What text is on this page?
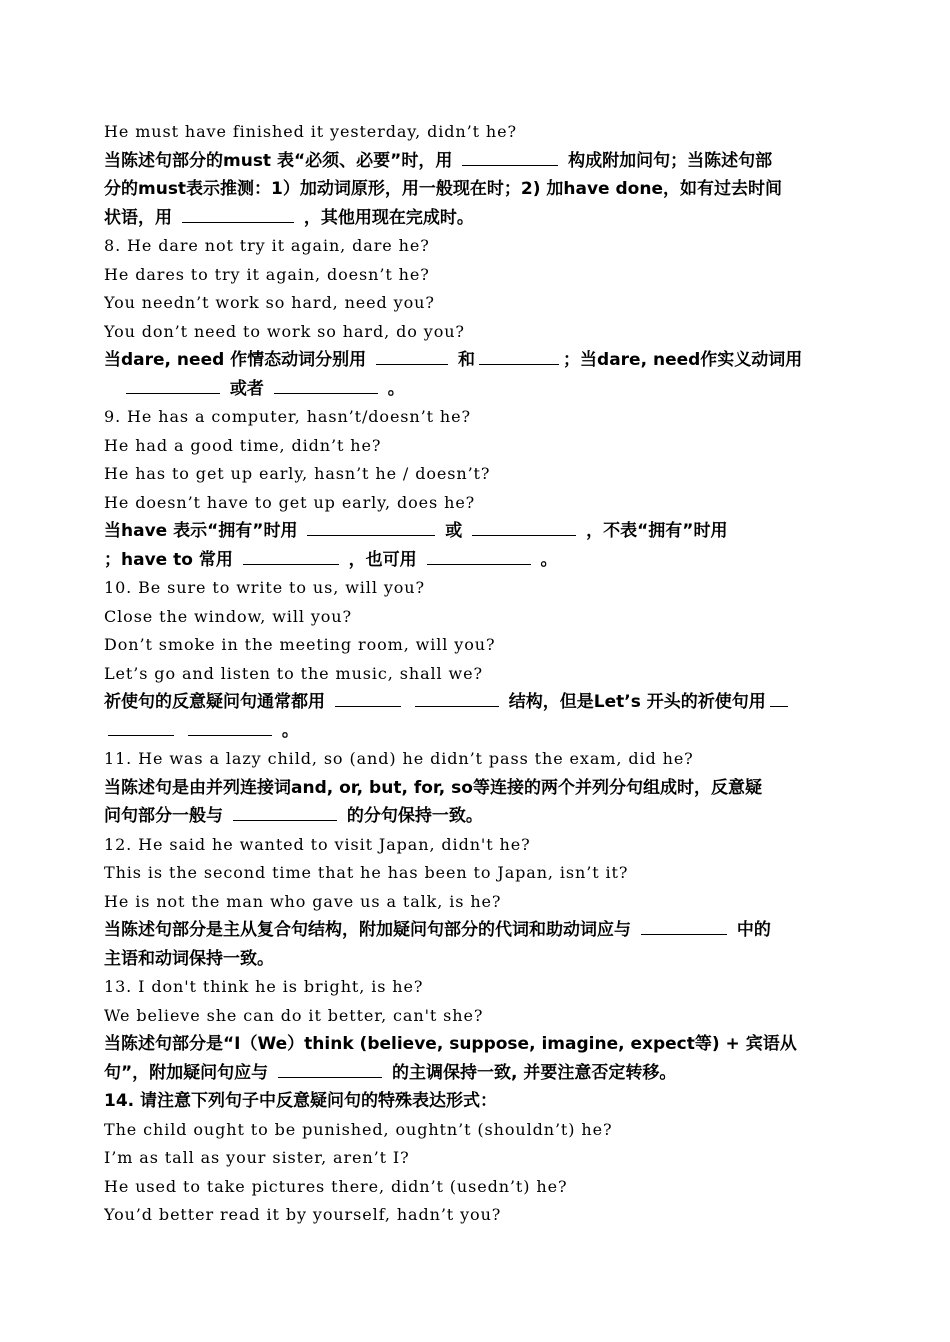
He must have finished it yesterday, didn’t he?
当陈述句部分的must 表“必须、必要”时，用	构成附加问句；当陈述句部
分的must表示推测：1）加动词原形，用一般现在时；2) 加have done，如有过去时间
状语，用	，其他用现在完成时。
8. He dare not try it again, dare he?
He dares to try it again, doesn’t he?
You needn’t work so hard, need you?
You don’t need to work so hard, do you?
当dare, need 作情态动词分别用	和	；当dare, need作实义动词用
或者	。
9. He has a computer, hasn’t/doesn’t he?
He had a good time, didn’t he?
He has to get up early, hasn’t he / doesn’t?
He doesn’t have to get up early, does he?
当have 表示“拥有”时用	或	，不表“拥有”时用
；have to 常用	，也可用	。
10. Be sure to write to us, will you?
Close the window, will you?
Don’t smoke in the meeting room, will you?
Let’s go and listen to the music, shall we?
祈使句的反意疑问句通常都用	结构，但是Let’s 开头的祈使句用
。
11. He was a lazy child, so (and) he didn’t pass the exam, did he?
当陈述句是由并列连接词and, or, but, for, so等连接的两个并列分句组成时，反意疑
问句部分一般与	的分句保持一致。
12. He said he wanted to visit Japan, didn't he?
This is the second time that he has been to Japan, isn’t it?
He is not the man who gave us a talk, is he?
当陈述句部分是主从复合句结构，附加疑问句部分的代词和助动词应与	中的
主语和动词保持一致。
13. I don't think he is bright, is he?
We believe she can do it better, can't she?
当陈述句部分是“I（We）think (believe, suppose, imagine, expect等) + 宾语从
句”，附加疑问句应与	的主调保持一致, 并要注意否定转移。
14. 请注意下列句子中反意疑问句的特殊表达形式：
The child ought to be punished, oughtn’t (shouldn’t) he?
I’m as tall as your sister, aren’t I?
He used to take pictures there, didn’t (usedn’t) he?
You’d better read it by yourself, hadn’t you?
